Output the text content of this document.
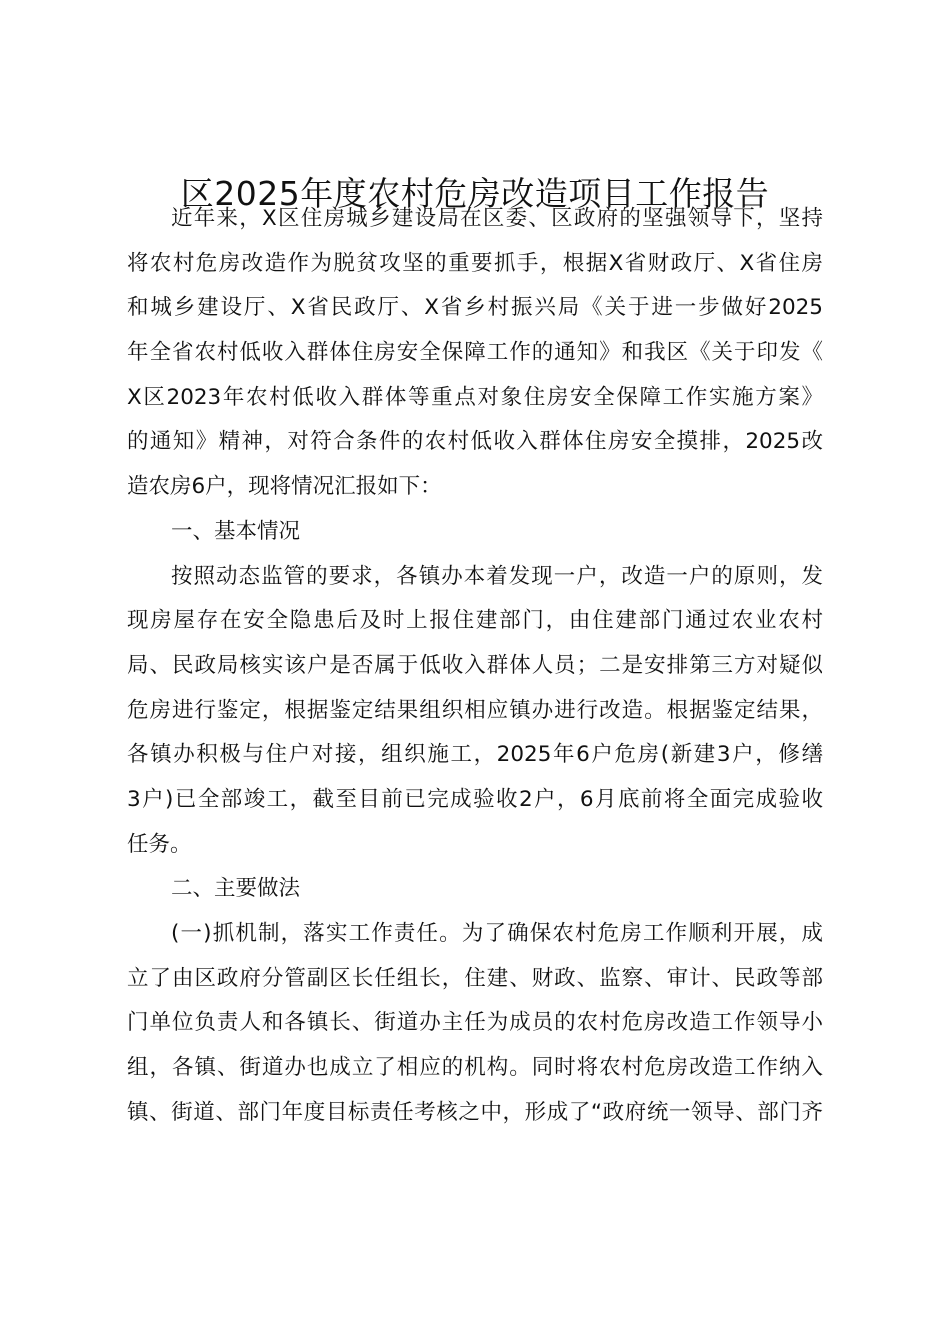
区2025年度农村危房改造项目工作报告
近年来，X区住房城乡建设局在区委、区政府的坚强领导下，坚持
将农村危房改造作为脱贫攻坚的重要抓手，根据X省财政厅、X省住房
和城乡建设厅、X省民政厅、X省乡村振兴局《关于进一步做好2025
年全省农村低收入群体住房安全保障工作的通知》和我区《关于印发《
X区2023年农村低收入群体等重点对象住房安全保障工作实施方案》
的通知》精神，对符合条件的农村低收入群体住房安全摸排，2025改
造农房6户，现将情况汇报如下：
一、基本情况
按照动态监管的要求，各镇办本着发现一户，改造一户的原则，发
现房屋存在安全隐患后及时上报住建部门，由住建部门通过农业农村
局、民政局核实该户是否属于低收入群体人员；二是安排第三方对疑似
危房进行鉴定，根据鉴定结果组织相应镇办进行改造。根据鉴定结果，
各镇办积极与住户对接，组织施工，2025年6户危房(新建3户，修缮
3户)已全部竣工，截至目前已完成验收2户，6月底前将全面完成验收
任务。
二、主要做法
(一)抓机制，落实工作责任。为了确保农村危房工作顺利开展，成
立了由区政府分管副区长任组长，住建、财政、监察、审计、民政等部
门单位负责人和各镇长、街道办主任为成员的农村危房改造工作领导小
组，各镇、街道办也成立了相应的机构。同时将农村危房改造工作纳入
镇、街道、部门年度目标责任考核之中，形成了“政府统一领导、部门齐
